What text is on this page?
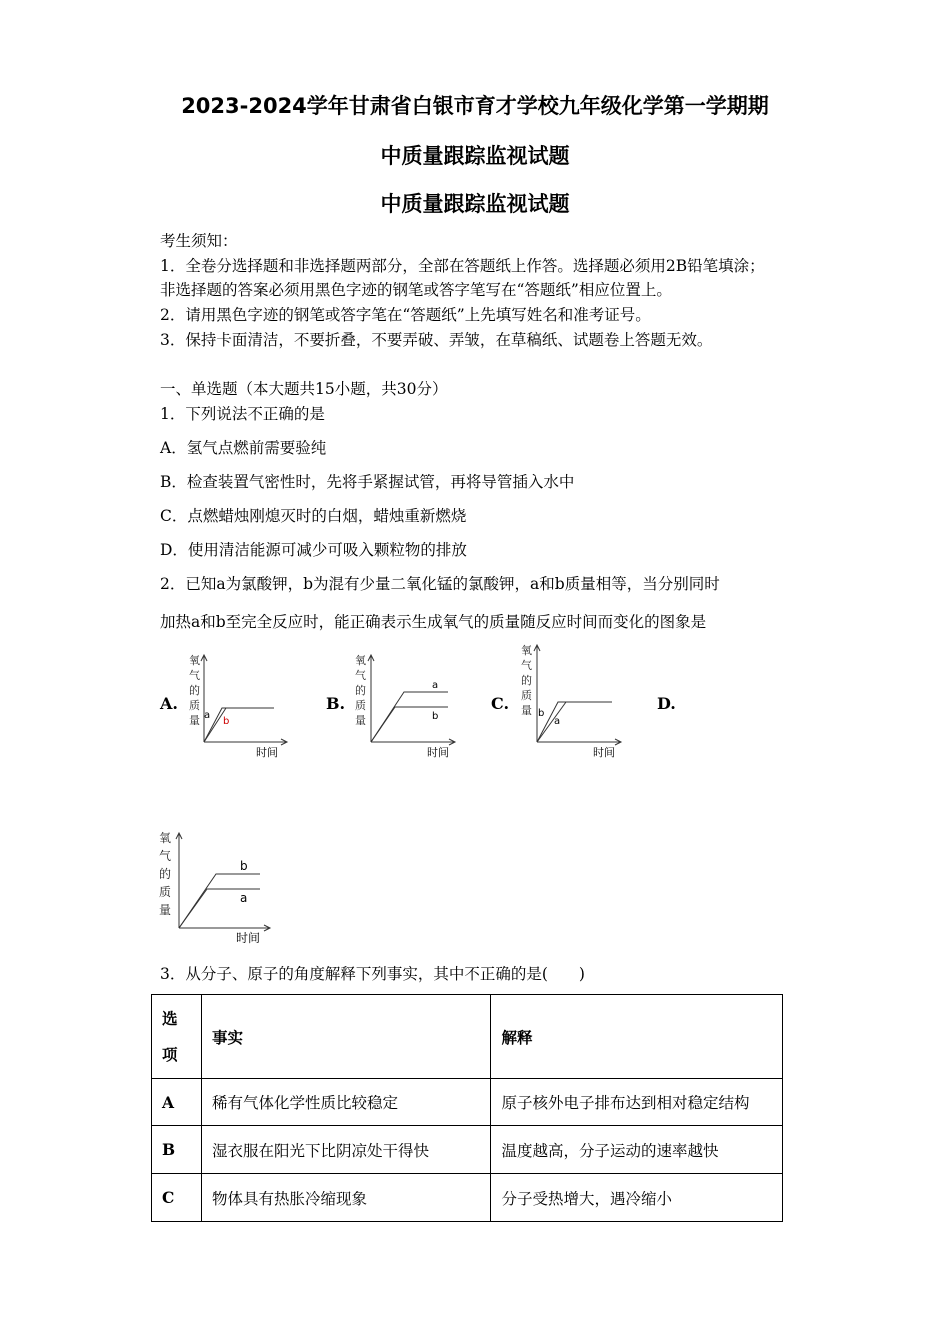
2023-2024学年甘肃省白银市育才学校九年级化学第一学期期
中质量跟踪监视试题
中质量跟踪监视试题
考生须知：
1．全卷分选择题和非选择题两部分，全部在答题纸上作答。选择题必须用2B铅笔填涂；
非选择题的答案必须用黑色字迹的钢笔或答字笔写在“答题纸”相应位置上。
2．请用黑色字迹的钢笔或答字笔在“答题纸”上先填写姓名和准考证号。
3．保持卡面清洁，不要折叠，不要弄破、弄皱，在草稿纸、试题卷上答题无效。
一、单选题（本大题共15小题，共30分）
1．下列说法不正确的是
A．氢气点燃前需要验纯
B．检查装置气密性时，先将手紧握试管，再将导管插入水中
C．点燃蜡烛刚熄灭时的白烟，蜡烛重新燃烧
D．使用清洁能源可减少可吸入颗粒物的排放
2．已知a为氯酸钾，b为混有少量二氧化锰的氯酸钾，a和b质量相等，当分别同时
加热a和b至完全反应时，能正确表示生成氧气的质量随反应时间而变化的图象是
A.	B.	C.	D.
氧
气
的
质
量 a
b
时间
氧
气
的
质
量
a
b
时间
氧
气
的
质
量 b
a
时间
氧
气
的
质
量
b
a
时间
3．从分子、原子的角度解释下列事实，其中不正确的是(　　)
选
项	事实	解释
A	稀有气体化学性质比较稳定	原子核外电子排布达到相对稳定结构
B	湿衣服在阳光下比阴凉处干得快	温度越高，分子运动的速率越快
C	物体具有热胀冷缩现象	分子受热增大，遇冷缩小
